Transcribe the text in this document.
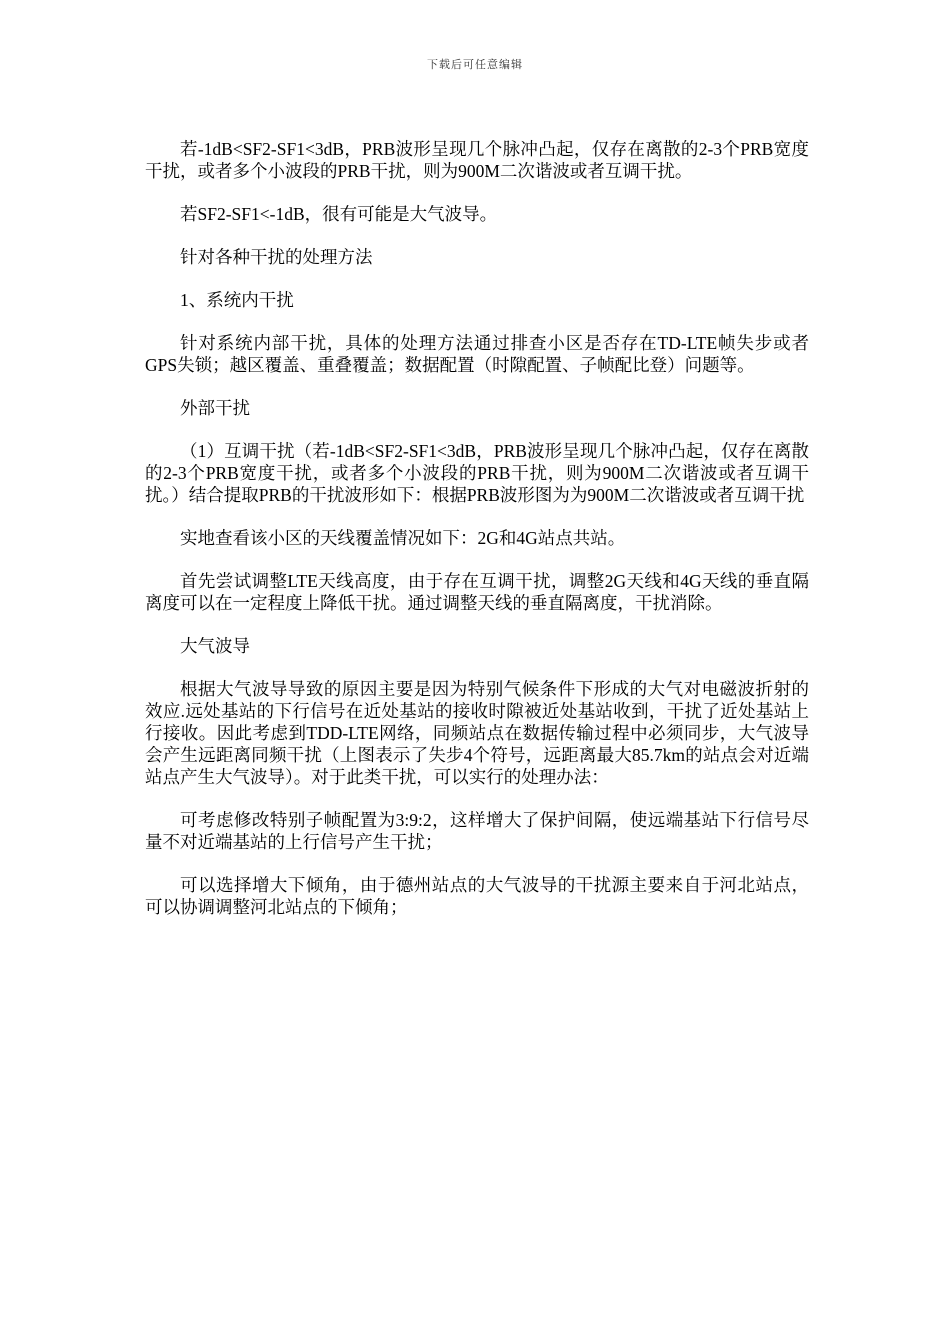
下载后可任意编辑

若-1dB<SF2-SF1<3dB，PRB波形呈现几个脉冲凸起，仅存在离散的2-3个PRB宽度干扰，或者多个小波段的PRB干扰，则为900M二次谐波或者互调干扰。

若SF2-SF1<-1dB，很有可能是大气波导。

针对各种干扰的处理方法

1、系统内干扰

针对系统内部干扰，具体的处理方法通过排查小区是否存在TD-LTE帧失步或者GPS失锁；越区覆盖、重叠覆盖；数据配置（时隙配置、子帧配比登）问题等。

外部干扰

（1）互调干扰（若-1dB<SF2-SF1<3dB，PRB波形呈现几个脉冲凸起，仅存在离散的2-3个PRB宽度干扰，或者多个小波段的PRB干扰，则为900M二次谐波或者互调干扰。）结合提取PRB的干扰波形如下：根据PRB波形图为为900M二次谐波或者互调干扰

实地查看该小区的天线覆盖情况如下：2G和4G站点共站。

首先尝试调整LTE天线高度，由于存在互调干扰，调整2G天线和4G天线的垂直隔离度可以在一定程度上降低干扰。通过调整天线的垂直隔离度，干扰消除。

大气波导

根据大气波导导致的原因主要是因为特别气候条件下形成的大气对电磁波折射的效应.远处基站的下行信号在近处基站的接收时隙被近处基站收到，干扰了近处基站上行接收。因此考虑到TDD-LTE网络，同频站点在数据传输过程中必须同步，大气波导会产生远距离同频干扰（上图表示了失步4个符号，远距离最大85.7km的站点会对近端站点产生大气波导）。对于此类干扰，可以实行的处理办法：

可考虑修改特别子帧配置为3:9:2，这样增大了保护间隔，使远端基站下行信号尽量不对近端基站的上行信号产生干扰；

可以选择增大下倾角，由于德州站点的大气波导的干扰源主要来自于河北站点，可以协调调整河北站点的下倾角；
